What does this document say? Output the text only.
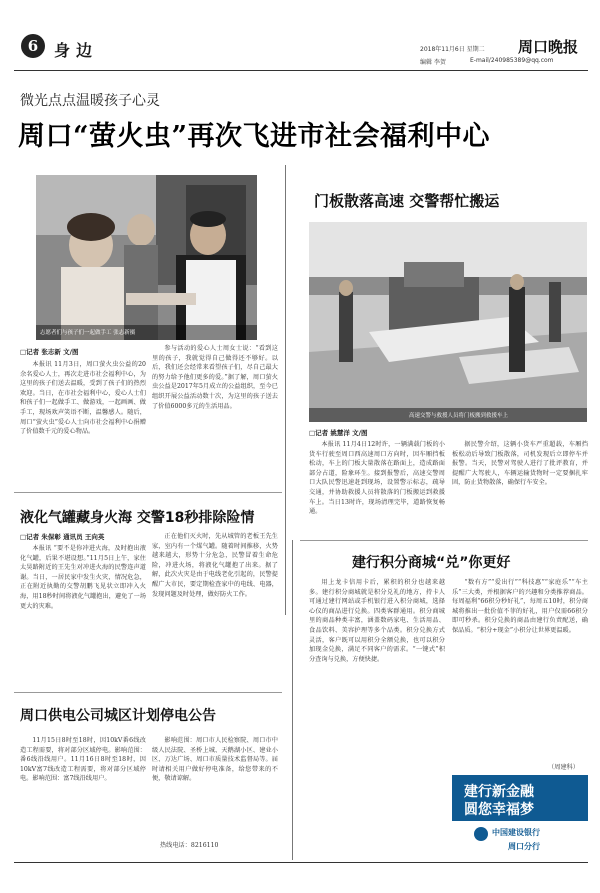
6 身边	2018年11月6日 星期二
编辑 李贺	E-mail/240985389@qq.com
周口晚报
微光点点温暖孩子心灵
周口“萤火虫”再次飞进市社会福利中心
志愿者们与孩子们一起做手工 张志新摄
□记者 张志新 文/图

本报讯 11月3日，周口萤火虫公益的20余名爱心人士，再次走进市社会福利中心，为这里的孩子们送去温暖，受到了孩子们的热烈欢迎。当日，在市社会福利中心，爱心人士们和孩子们一起做手工、做游戏，一起画画、做手工，现场欢声笑语不断，温馨感人。随后，周口“萤火虫”爱心人士向市社会福利中心捐赠了价值数千元的爱心物品。

参与活动的爱心人士周女士说：“看到这里的孩子，我就觉得自己做得还不够好。以后，我们还会经常来看望孩子们，尽自己最大的努力给予他们更多的爱。”据了解，周口萤火虫公益是2017年5月成立的公益组织，至今已组织开展公益活动数十次，为这里的孩子送去了价值6000多元的生活用品。

门板散落高速 交警帮忙搬运
高速交警与救援人员将门板搬到救援车上
□记者 姚慧洋 文/图

本报讯 11月4日12时许，一辆满载门板的小货车行驶至周口西高速周口方向时，因车厢挡板松动，车上的门板大量散落在路面上，造成路面部分占道，险象环生。接到报警后，高速交警周口大队民警迅速赶到现场，设置警示标志，疏导交通，并协助救援人员将散落的门板搬运到救援车上。当日13时许，现场清理完毕，道路恢复畅通。

据民警介绍，这辆小货车严重超载，车厢挡板松动后导致门板散落，司机发现后立即停车并报警。当天，民警对驾驶人进行了批评教育，并提醒广大驾驶人，车辆运输货物时一定要捆扎牢固，防止货物散落，确保行车安全。

液化气罐藏身火海 交警18秒排除险情
□记者 朱保彰 通讯员 王向英

本报讯 “要不是你冲进火海，及时抱出液化气罐，后果不堪设想。”11月5日上午，家住太昊路附近的王先生对冲进火海的民警连声道谢。当日，一居民家中发生火灾，情况危急，正在附近执勤的交警胡鹏飞见状立即冲入火海，用18秒时间将液化气罐抱出，避免了一场更大的灾难。

正在他们灭火时，先从城管的老板王先生家，室内有一个煤气罐。随着时间推移，火势越来越大，形势十分危急，民警冒着生命危险，冲进火场，将液化气罐抱了出来。据了解，此次火灾是由于电线老化引起的，民警提醒广大市民，要定期检查家中的电线、电器，发现问题及时处理，做好防火工作。

建行积分商城“兑”你更好

用上龙卡信用卡后，累积的积分也越来越多。建行积分商城就是积分兑礼的地方，持卡人可通过建行网站或手机银行进入积分商城，选择心仪的商品进行兑换。四类客群通用。积分商城里的商品种类丰富，涵盖数码家电、生活用品、食品饮料、美容护理等多个品类。积分兑换方式灵活，客户既可以用积分全额兑换，也可以积分加现金兑换，满足不同客户的需求。“一键式”积分查询与兑换，方便快捷。

“数有方”“爱出行”“科技惠”“家庭乐”“车主乐”三大类，并根据客户的兴趣和分类推荐商品。每周福利“66积分秒好礼”，每周五10时，积分商城将推出一批价值不菲的好礼，用户仅需66积分即可秒杀。积分兑换的商品由建行负责配送，确保品质。“积分+现金”小积分让世界更温暖。

（周建科）
建行新金融
圆您幸福梦
中国建设银行
周口分行
周口供电公司城区计划停电公告

11月15日8时至18时，因10kV番6线改造工程需要，将对部分区域停电。影响范围：番6线沿线用户。11月16日8时至18时，因10kV富7线改造工程需要，将对部分区域停电。影响范围：富7线沿线用户。

影响范围：周口市人民检察院、周口市中级人民法院、圣桥上城、天鹅湖小区、建业小区、万达广场、周口市质量技术监督局等。届时请相关用户做好停电准备，给您带来的不便，敬请谅解。

热线电话：8216110
